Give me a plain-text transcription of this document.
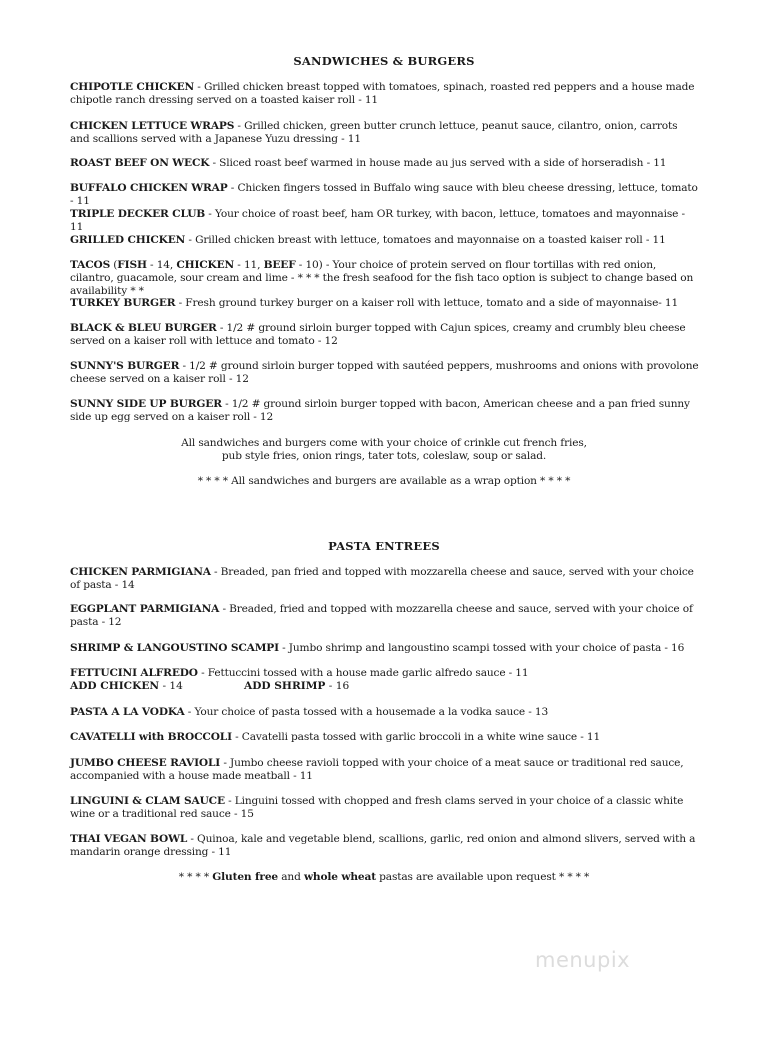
SANDWICHES & BURGERS
CHIPOTLE CHICKEN - Grilled chicken breast topped with tomatoes, spinach, roasted red peppers and a house made chipotle ranch dressing served on a toasted kaiser roll - 11
CHICKEN LETTUCE WRAPS - Grilled chicken, green butter crunch lettuce, peanut sauce, cilantro, onion, carrots and scallions served with a Japanese Yuzu dressing - 11
ROAST BEEF ON WECK - Sliced roast beef warmed in house made au jus served with a side of horseradish - 11
BUFFALO CHICKEN WRAP - Chicken fingers tossed in Buffalo wing sauce with bleu cheese dressing, lettuce, tomato - 11
TRIPLE DECKER CLUB - Your choice of roast beef, ham OR turkey, with bacon, lettuce, tomatoes and mayonnaise - 11
GRILLED CHICKEN - Grilled chicken breast with lettuce, tomatoes and mayonnaise on a toasted kaiser roll - 11
TACOS (FISH - 14, CHICKEN - 11, BEEF - 10) - Your choice of protein served on flour tortillas with red onion, cilantro, guacamole, sour cream and lime - * * * the fresh seafood for the fish taco option is subject to change based on availability * *
TURKEY BURGER - Fresh ground turkey burger on a kaiser roll with lettuce, tomato and a side of mayonnaise- 11
BLACK & BLEU BURGER - 1/2 # ground sirloin burger topped with Cajun spices, creamy and crumbly bleu cheese served on a kaiser roll with lettuce and tomato - 12
SUNNY'S BURGER - 1/2 # ground sirloin burger topped with sautéed peppers, mushrooms and onions with provolone cheese served on a kaiser roll - 12
SUNNY SIDE UP BURGER - 1/2 # ground sirloin burger topped with bacon, American cheese and a pan fried sunny side up egg served on a kaiser roll - 12
All sandwiches and burgers come with your choice of crinkle cut french fries,
pub style fries, onion rings, tater tots, coleslaw, soup or salad.
* * * * All sandwiches and burgers are available as a wrap option * * * *
PASTA ENTREES
CHICKEN PARMIGIANA - Breaded, pan fried and topped with mozzarella cheese and sauce, served with your choice of pasta - 14
EGGPLANT PARMIGIANA - Breaded, fried and topped with mozzarella cheese and sauce, served with your choice of pasta - 12
SHRIMP & LANGOUSTINO SCAMPI - Jumbo shrimp and langoustino scampi tossed with your choice of pasta - 16
FETTUCINI ALFREDO - Fettuccini tossed with a house made garlic alfredo sauce - 11
ADD CHICKEN - 14	ADD SHRIMP - 16
PASTA A LA VODKA - Your choice of pasta tossed with a housemade a la vodka sauce - 13
CAVATELLI with BROCCOLI - Cavatelli pasta tossed with garlic broccoli in a white wine sauce - 11
JUMBO CHEESE RAVIOLI - Jumbo cheese ravioli topped with your choice of a meat sauce or traditional red sauce, accompanied with a house made meatball - 11
LINGUINI & CLAM SAUCE - Linguini tossed with chopped and fresh clams served in your choice of a classic white wine or a traditional red sauce - 15
THAI VEGAN BOWL - Quinoa, kale and vegetable blend, scallions, garlic, red onion and almond slivers, served with a mandarin orange dressing - 11
* * * * Gluten free and whole wheat pastas are available upon request * * * *
menupix
